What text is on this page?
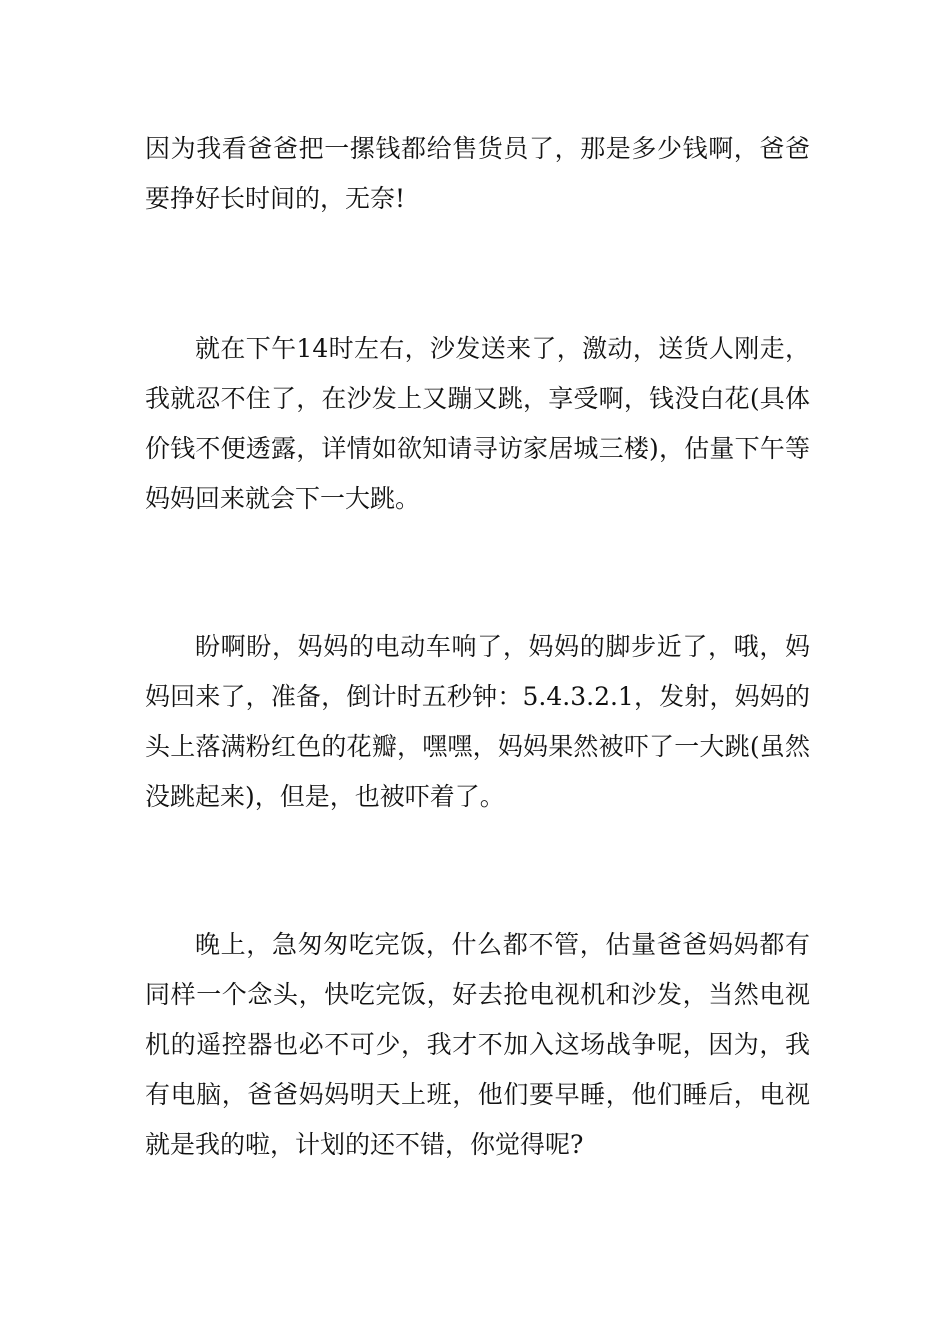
因为我看爸爸把一摞钱都给售货员了，那是多少钱啊，爸爸要挣好长时间的，无奈!

就在下午14时左右，沙发送来了，激动，送货人刚走，我就忍不住了，在沙发上又蹦又跳，享受啊，钱没白花(具体价钱不便透露，详情如欲知请寻访家居城三楼)，估量下午等妈妈回来就会下一大跳。

盼啊盼，妈妈的电动车响了，妈妈的脚步近了，哦，妈妈回来了，准备，倒计时五秒钟：5.4.3.2.1，发射，妈妈的头上落满粉红色的花瓣，嘿嘿，妈妈果然被吓了一大跳(虽然没跳起来)，但是，也被吓着了。

晚上，急匆匆吃完饭，什么都不管，估量爸爸妈妈都有同样一个念头，快吃完饭，好去抢电视机和沙发，当然电视机的遥控器也必不可少，我才不加入这场战争呢，因为，我有电脑，爸爸妈妈明天上班，他们要早睡，他们睡后，电视就是我的啦，计划的还不错，你觉得呢?
